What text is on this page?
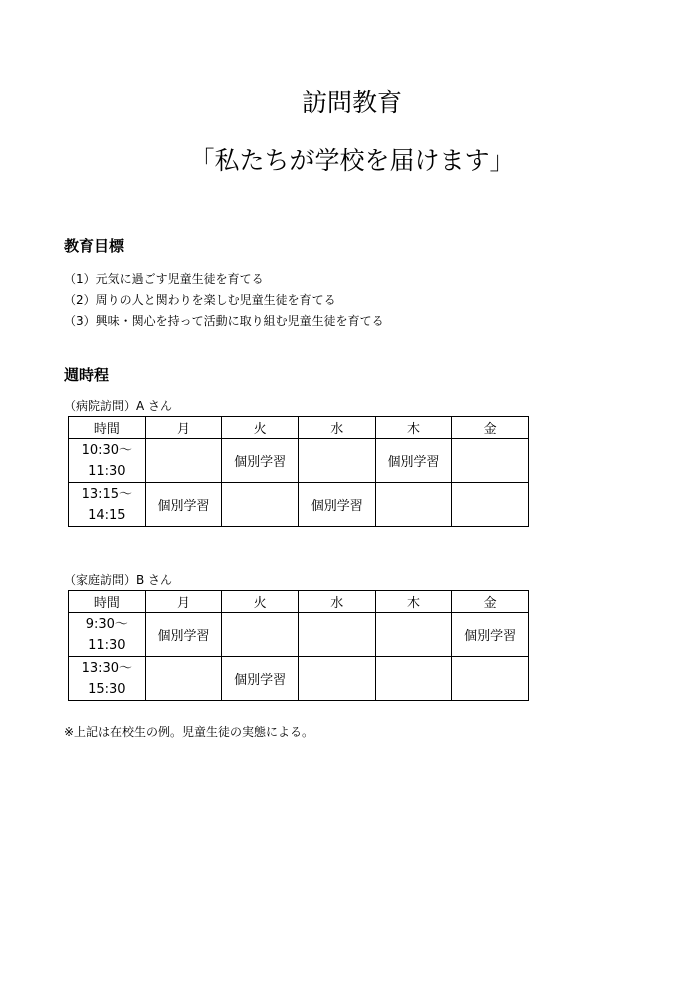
訪問教育
「私たちが学校を届けます」
教育目標
（1）元気に過ごす児童生徒を育てる
（2）周りの人と関わりを楽しむ児童生徒を育てる
（3）興味・関心を持って活動に取り組む児童生徒を育てる
週時程

（病院訪問）A さん

時間	月	火	水	木	金
10:30～
11:30		個別学習		個別学習	
13:15～
14:15	個別学習		個別学習		

（家庭訪問）B さん

時間	月	火	水	木	金
9:30～
11:30	個別学習				個別学習
13:30～
15:30		個別学習			

※上記は在校生の例。児童生徒の実態による。
